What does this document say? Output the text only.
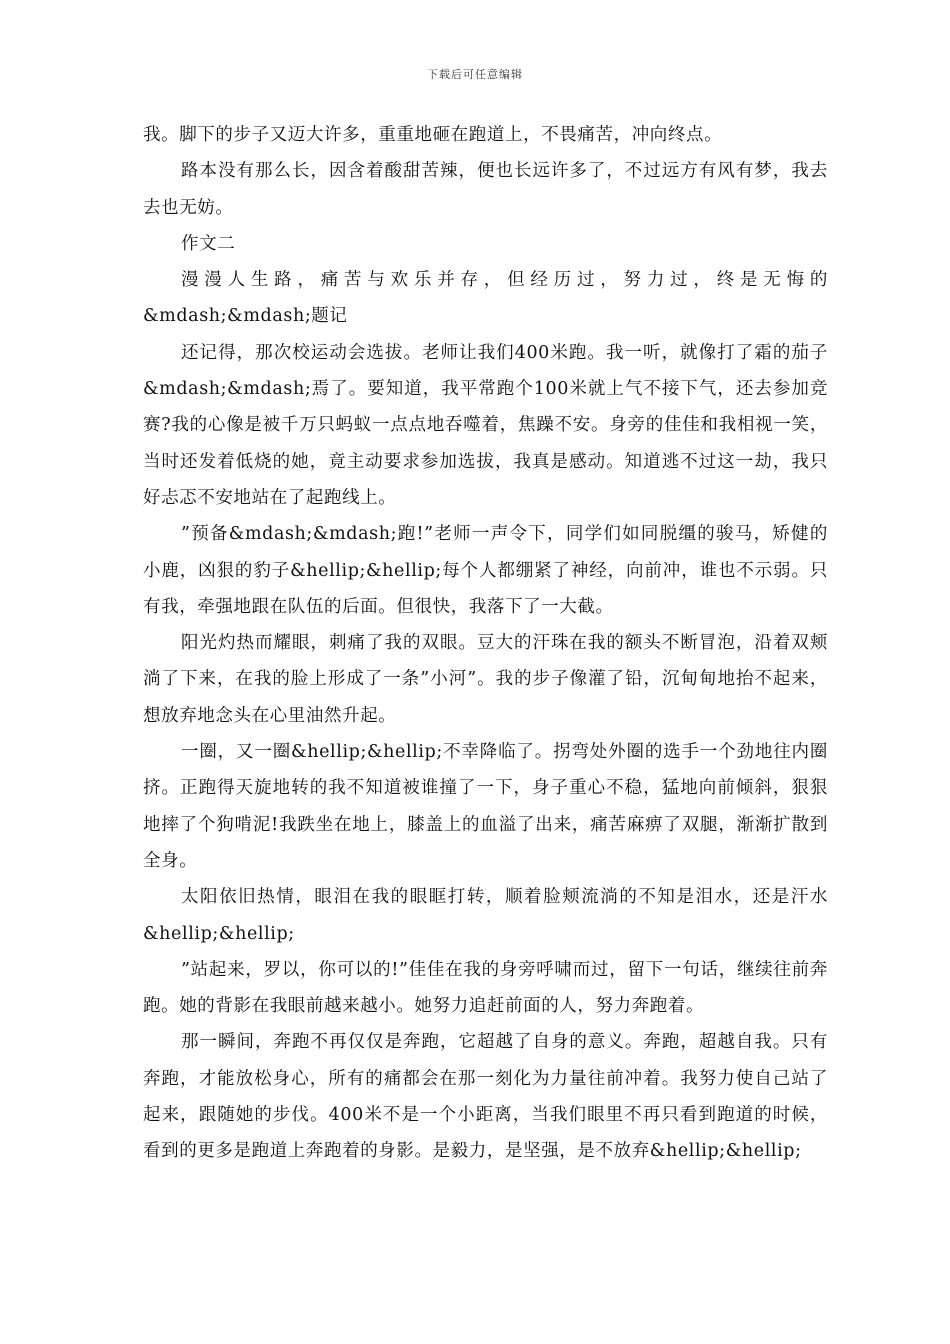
下载后可任意编辑

我。脚下的步子又迈大许多，重重地砸在跑道上，不畏痛苦，冲向终点。

路本没有那么长，因含着酸甜苦辣，便也长远许多了，不过远方有风有梦，我去去也无妨。

作文二

漫漫人生路，痛苦与欢乐并存，但经历过，努力过，终是无悔的&mdash;&mdash;题记

还记得，那次校运动会选拔。老师让我们400米跑。我一听，就像打了霜的茄子&mdash;&mdash;焉了。要知道，我平常跑个100米就上气不接下气，还去参加竞赛?我的心像是被千万只蚂蚁一点点地吞噬着，焦躁不安。身旁的佳佳和我相视一笑，当时还发着低烧的她，竟主动要求参加选拔，我真是感动。知道逃不过这一劫，我只好忐忑不安地站在了起跑线上。

”预备&mdash;&mdash;跑!”老师一声令下，同学们如同脱缰的骏马，矫健的小鹿，凶狠的豹子&hellip;&hellip;每个人都绷紧了神经，向前冲，谁也不示弱。只有我，牵强地跟在队伍的后面。但很快，我落下了一大截。

阳光灼热而耀眼，刺痛了我的双眼。豆大的汗珠在我的额头不断冒泡，沿着双颊淌了下来，在我的脸上形成了一条”小河”。我的步子像灌了铅，沉甸甸地抬不起来，想放弃地念头在心里油然升起。

一圈，又一圈&hellip;&hellip;不幸降临了。拐弯处外圈的选手一个劲地往内圈挤。正跑得天旋地转的我不知道被谁撞了一下，身子重心不稳，猛地向前倾斜，狠狠地摔了个狗啃泥!我跌坐在地上，膝盖上的血溢了出来，痛苦麻痹了双腿，渐渐扩散到全身。

太阳依旧热情，眼泪在我的眼眶打转，顺着脸颊流淌的不知是泪水，还是汗水&hellip;&hellip;

”站起来，罗以，你可以的!”佳佳在我的身旁呼啸而过，留下一句话，继续往前奔跑。她的背影在我眼前越来越小。她努力追赶前面的人，努力奔跑着。

那一瞬间，奔跑不再仅仅是奔跑，它超越了自身的意义。奔跑，超越自我。只有奔跑，才能放松身心，所有的痛都会在那一刻化为力量往前冲着。我努力使自己站了起来，跟随她的步伐。400米不是一个小距离，当我们眼里不再只看到跑道的时候，看到的更多是跑道上奔跑着的身影。是毅力，是坚强，是不放弃&hellip;&hellip;
